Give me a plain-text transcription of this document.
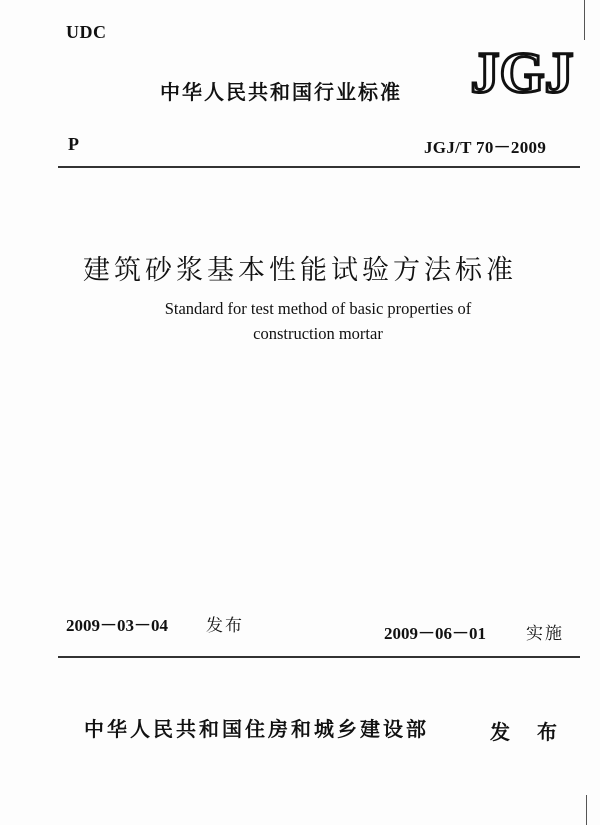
UDC
中华人民共和国行业标准 JGJ
P	JGJ/T 70－2009
建筑砂浆基本性能试验方法标准
Standard for test method of basic properties of
construction mortar
2009－03－04 发布	2009－06－01 实施
中华人民共和国住房和城乡建设部	发 布
